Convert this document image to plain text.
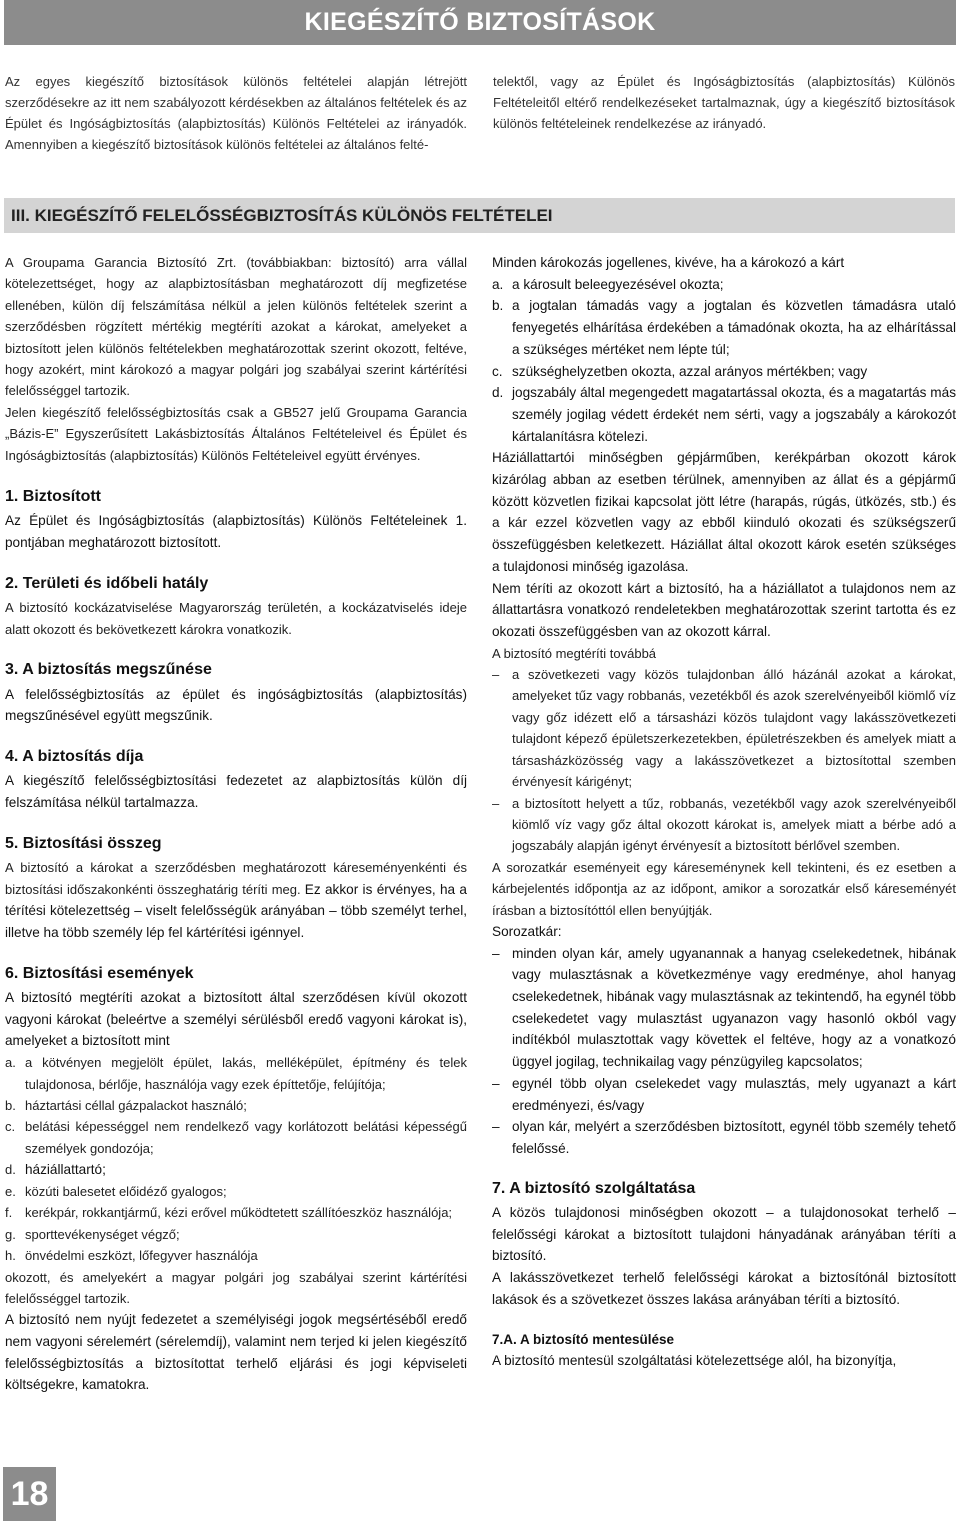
KIEGÉSZÍTŐ BIZTOSÍTÁSOK

Az egyes kiegészítő biztosítások különös feltételei alapján létrejött szerződésekre az itt nem szabályozott kérdésekben az általános feltételek és az Épület és Ingóságbiztosítás (alapbiztosítás) Különös Feltételei az irányadók. Amennyiben a kiegészítő biztosítások különös feltételei az általános felté-

telektől, vagy az Épület és Ingóságbiztosítás (alapbiztosítás) Különös Feltételeitől eltérő rendelkezéseket tartalmaznak, úgy a kiegészítő biztosítások különös feltételeinek rendelkezése az irányadó.

III. KIEGÉSZÍTŐ FELELŐSSÉGBIZTOSÍTÁS KÜLÖNÖS FELTÉTELEI

A Groupama Garancia Biztosító Zrt. (továbbiakban: biztosító) arra vállal kötelezettséget, hogy az alapbiztosításban meghatározott díj megfizetése ellenében, külön díj felszámítása nélkül a jelen különös feltételek szerint a szerződésben rögzített mértékig megtéríti azokat a károkat, amelyeket a biztosított jelen különös feltételekben meghatározottak szerint okozott, feltéve, hogy azokért, mint károkozó a magyar polgári jog szabályai szerint kártérítési felelősséggel tartozik.

Jelen kiegészítő felelősségbiztosítás csak a GB527 jelű Groupama Garancia „Bázis-E” Egyszerűsített Lakásbiztosítás Általános Feltételeivel és Épület és Ingóságbiztosítás (alapbiztosítás) Különös Feltételeivel együtt érvényes.

1. Biztosított

Az Épület és Ingóságbiztosítás (alapbiztosítás) Különös Feltételeinek 1. pontjában meghatározott biztosított.

2. Területi és időbeli hatály

A biztosító kockázatviselése Magyarország területén, a kockázatviselés ideje alatt okozott és bekövetkezett károkra vonatkozik.

3. A biztosítás megszűnése

A felelősségbiztosítás az épület és ingóságbiztosítás (alapbiztosítás) megszűnésével együtt megszűnik.

4. A biztosítás díja

A kiegészítő felelősségbiztosítási fedezetet az alapbiztosítás külön díj felszámítása nélkül tartalmazza.

5. Biztosítási összeg

A biztosító a károkat a szerződésben meghatározott káreseményenkénti és biztosítási időszakonkénti összeghatárig téríti meg. Ez akkor is érvényes, ha a térítési kötelezettség – viselt felelősségük arányában – több személyt terhel, illetve ha több személy lép fel kártérítési igénnyel.

6. Biztosítási események

A biztosító megtéríti azokat a biztosított által szerződésen kívül okozott vagyoni károkat (beleértve a személyi sérülésből eredő vagyoni károkat is), amelyeket a biztosított mint

a. a kötvényen megjelölt épület, lakás, melléképület, építmény és telek tulajdonosa, bérlője, használója vagy ezek építtetője, felújítója;
b. háztartási céllal gázpalackot használó;
c. belátási képességgel nem rendelkező vagy korlátozott belátási képességű személyek gondozója;
d. háziállattartó;
e. közúti balesetet előidéző gyalogos;
f. kerékpár, rokkantjármű, kézi erővel működtetett szállítóeszköz használója;
g. sporttevékenységet végző;
h. önvédelmi eszközt, lőfegyver használója

okozott, és amelyekért a magyar polgári jog szabályai szerint kártérítési felelősséggel tartozik.

A biztosító nem nyújt fedezetet a személyiségi jogok megsértéséből eredő nem vagyoni sérelemért (sérelemdíj), valamint nem terjed ki jelen kiegészítő felelősségbiztosítás a biztosítottat terhelő eljárási és jogi képviseleti költségekre, kamatokra.

Minden károkozás jogellenes, kivéve, ha a károkozó a kárt

a. a károsult beleegyezésével okozta;
b. a jogtalan támadás vagy a jogtalan és közvetlen támadásra utaló fenyegetés elhárítása érdekében a támadónak okozta, ha az elhárítással a szükséges mértéket nem lépte túl;
c. szükséghelyzetben okozta, azzal arányos mértékben; vagy
d. jogszabály által megengedett magatartással okozta, és a magatartás más személy jogilag védett érdekét nem sérti, vagy a jogszabály a károkozót kártalanításra kötelezi.

Háziállattartói minőségben gépjárműben, kerékpárban okozott károk kizárólag abban az esetben térülnek, amennyiben az állat és a gépjármű között közvetlen fizikai kapcsolat jött létre (harapás, rúgás, ütközés, stb.) és a kár ezzel közvetlen vagy az ebből kiinduló okozati és szükségszerű összefüggésben keletkezett. Háziállat által okozott károk esetén szükséges a tulajdonosi minőség igazolása.

Nem téríti az okozott kárt a biztosító, ha a háziállatot a tulajdonos nem az állattartásra vonatkozó rendeletekben meghatározottak szerint tartotta és ez okozati összefüggésben van az okozott kárral.

A biztosító megtéríti továbbá

– a szövetkezeti vagy közös tulajdonban álló házánál azokat a károkat, amelyeket tűz vagy robbanás, vezetékből és azok szerelvényeiből kiömlő víz vagy gőz idézett elő a társasházi közös tulajdont vagy lakásszövetkezeti tulajdont képező épületszerkezetekben, épületrészekben és amelyek miatt a társasházközösség vagy a lakásszövetkezet a biztosítottal szemben érvényesít kárigényt;
– a biztosított helyett a tűz, robbanás, vezetékből vagy azok szerelvényeiből kiömlő víz vagy gőz által okozott károkat is, amelyek miatt a bérbe adó a jogszabály alapján igényt érvényesít a biztosított bérlővel szemben.

A sorozatkár eseményeit egy káreseménynek kell tekinteni, és ez esetben a kárbejelentés időpontja az az időpont, amikor a sorozatkár első káreseményét írásban a biztosítóttól ellen benyújtják.

Sorozatkár:

– minden olyan kár, amely ugyanannak a hanyag cselekedetnek, hibának vagy mulasztásnak a következménye vagy eredménye, ahol hanyag cselekedetnek, hibának vagy mulasztásnak az tekintendő, ha egynél több cselekedetet vagy mulasztást ugyanazon vagy hasonló okból vagy indítékból mulasztottak vagy követtek el feltéve, hogy az a vonatkozó üggyel jogilag, technikailag vagy pénzügyileg kapcsolatos;
– egynél több olyan cselekedet vagy mulasztás, mely ugyanazt a kárt eredményezi, és/vagy
– olyan kár, melyért a szerződésben biztosított, egynél több személy tehető felelőssé.
7. A biztosító szolgáltatása

A közös tulajdonosi minőségben okozott – a tulajdonosokat terhelő – felelősségi károkat a biztosított tulajdoni hányadának arányában téríti a biztosító.

A lakásszövetkezet terhelő felelősségi károkat a biztosítónál biztosított lakások és a szövetkezet összes lakása arányában téríti a biztosító.

7.A. A biztosító mentesülése

A biztosító mentesül szolgáltatási kötelezettsége alól, ha bizonyítja,

18
